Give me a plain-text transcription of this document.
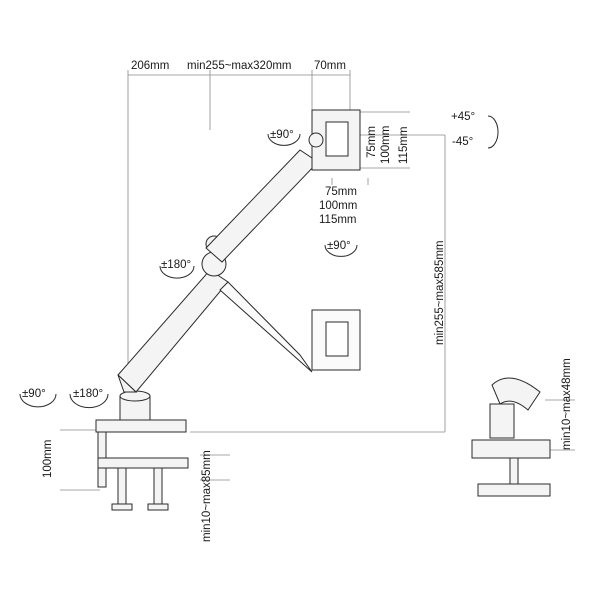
206mm min255~max320mm 70mm
75mm 100mm 115mm
75mm
100mm
115mm
±90°
+45°
-45°
±90°
±180°
±90° ±180°
min255~max585mm
100mm	min10~max85mm
min10~max48mm
